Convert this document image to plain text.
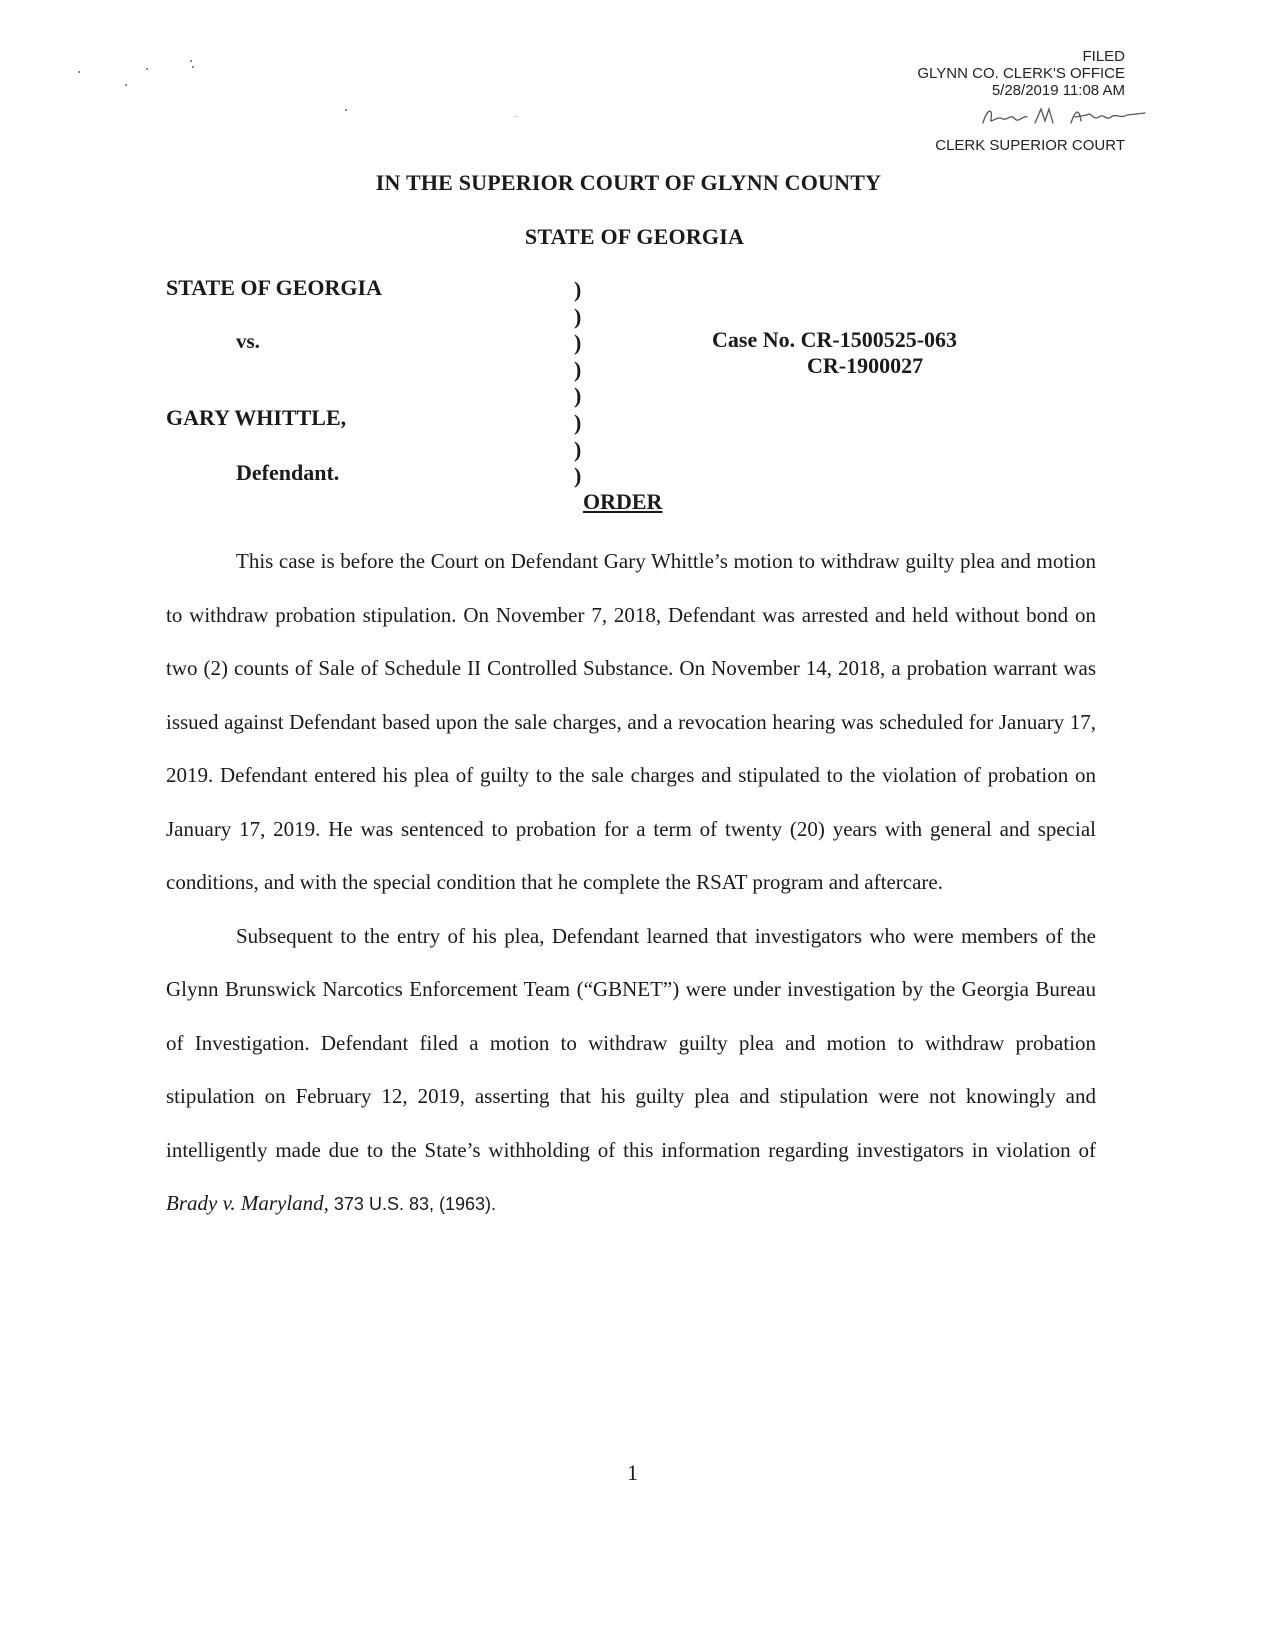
FILED
GLYNN CO. CLERK'S OFFICE
5/28/2019 11:08 AM
CLERK SUPERIOR COURT
IN THE SUPERIOR COURT OF GLYNN COUNTY
STATE OF GEORGIA
STATE OF GEORGIA
vs.
GARY WHITTLE,
Defendant.
)
)
)
)
)
)
)
)
Case No. CR-1500525-063
CR-1900027
ORDER

This case is before the Court on Defendant Gary Whittle’s motion to withdraw guilty plea and motion to withdraw probation stipulation. On November 7, 2018, Defendant was arrested and held without bond on two (2) counts of Sale of Schedule II Controlled Substance. On November 14, 2018, a probation warrant was issued against Defendant based upon the sale charges, and a revocation hearing was scheduled for January 17, 2019. Defendant entered his plea of guilty to the sale charges and stipulated to the violation of probation on January 17, 2019. He was sentenced to probation for a term of twenty (20) years with general and special conditions, and with the special condition that he complete the RSAT program and aftercare.

Subsequent to the entry of his plea, Defendant learned that investigators who were members of the Glynn Brunswick Narcotics Enforcement Team (“GBNET”) were under investigation by the Georgia Bureau of Investigation. Defendant filed a motion to withdraw guilty plea and motion to withdraw probation stipulation on February 12, 2019, asserting that his guilty plea and stipulation were not knowingly and intelligently made due to the State’s withholding of this information regarding investigators in violation of Brady v. Maryland, 373 U.S. 83, (1963).

1
